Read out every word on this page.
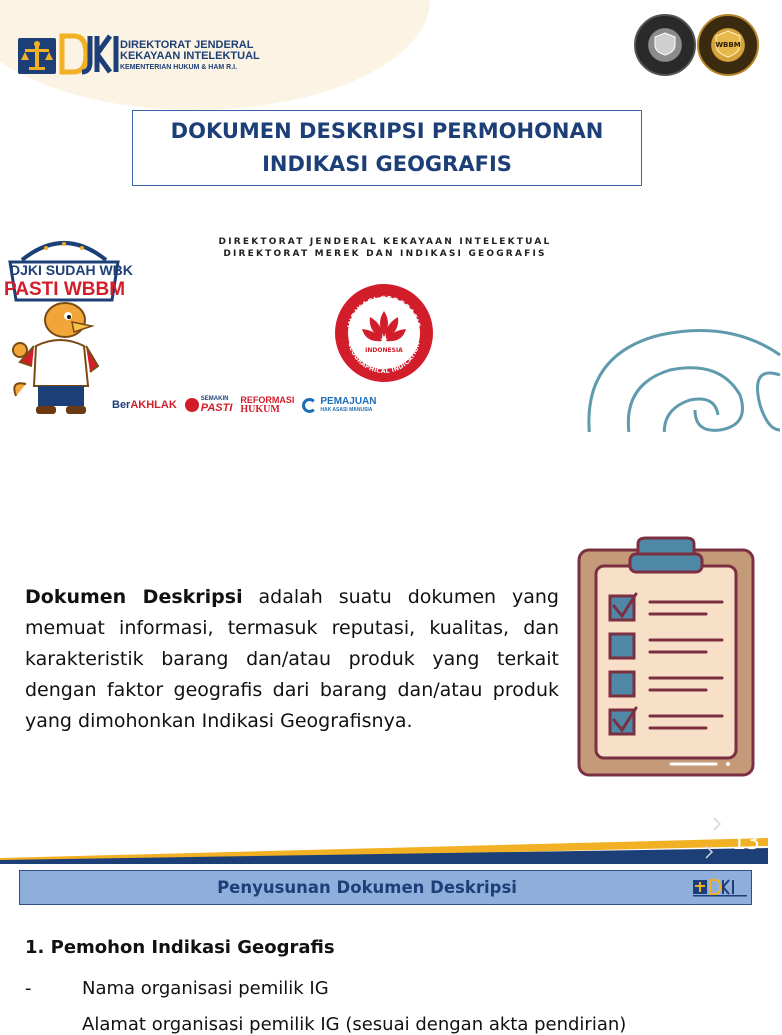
DIREKTORAT JENDERAL
KEKAYAAN INTELEKTUAL
KEMENTERIAN HUKUM & HAM R.I.
WBBM
DOKUMEN DESKRIPSI PERMOHONAN
INDIKASI GEOGRAFIS
DJKI SUDAH WBK
PASTI WBBM
DIREKTORAT JENDERAL KEKAYAAN INTELEKTUAL
DIREKTORAT MEREK DAN INDIKASI GEOGRAFIS
INDIKASI GEOGRAFIS
GEOGRAPHICAL INDICATION
INDONESIA
BerAKHLAK	SEMAKIN
PASTI
REFORMASI
HUKUM
PEMAJUAN
HAK ASASI MANUSIA
Dokumen Deskripsi adalah suatu dokumen yang memuat informasi, termasuk reputasi, kualitas, dan karakteristik barang dan/atau produk yang terkait dengan faktor geografis dari barang dan/atau produk yang dimohonkan Indikasi Geografisnya.
13
Penyusunan Dokumen Deskripsi
1. Pemohon Indikasi Geografis
-	Nama organisasi pemilik IG
Alamat organisasi pemilik IG (sesuai dengan akta pendirian)
